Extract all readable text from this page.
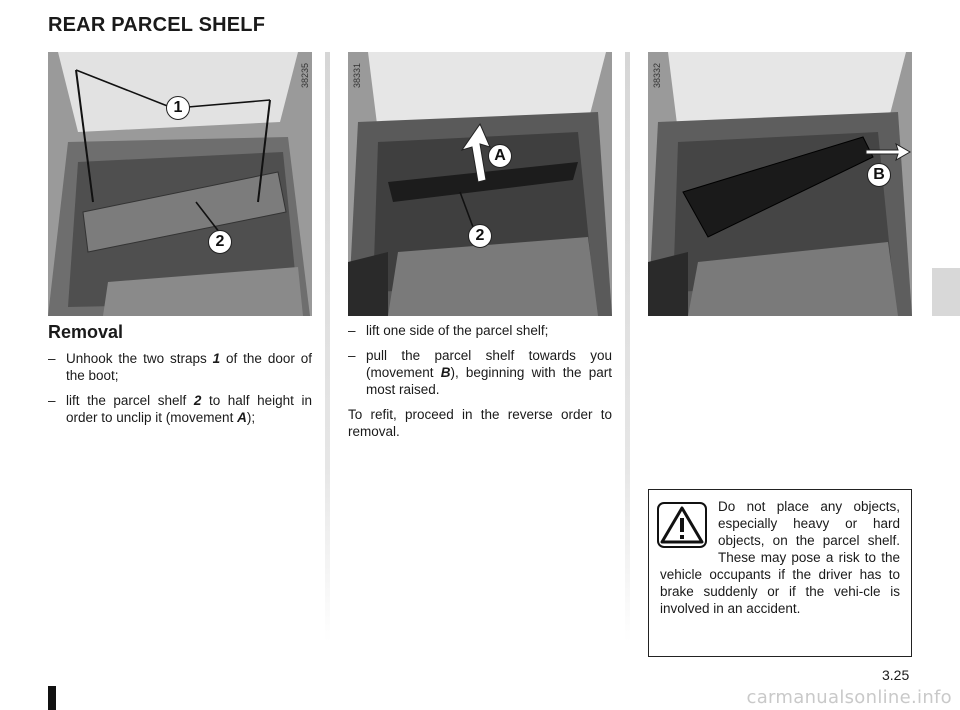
REAR PARCEL SHELF
38235
1
2
38331
A
2
38332
B
Removal
– Unhook the two straps 1 of the door of the boot;
– lift the parcel shelf 2 to half height in order to unclip it (movement A);
– lift one side of the parcel shelf;
– pull the parcel shelf towards you (movement B), beginning with the part most raised.

To refit, proceed in the reverse order to removal.

Do not place any objects, especially heavy or hard objects, on the parcel shelf. These may pose a risk to the vehicle occupants if the driver has to brake suddenly or if the vehi-cle is involved in an accident.
3.25
carmanualsonline.info
